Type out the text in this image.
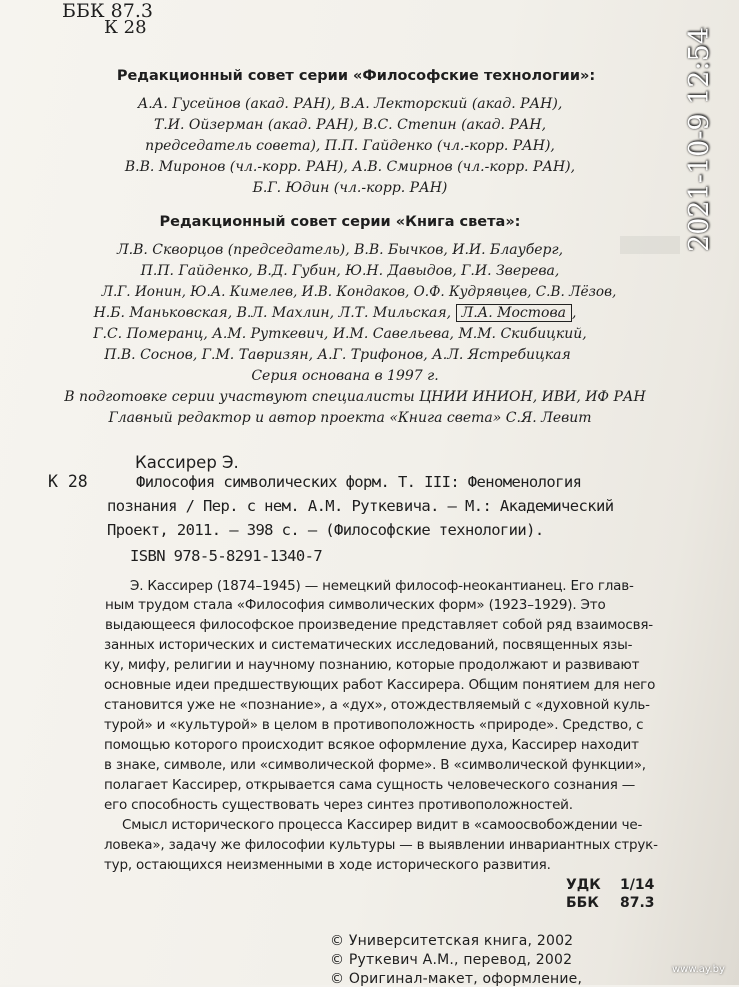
ББК 87.3
К 28
Редакционный совет серии «Философские технологии»:
А.А. Гусейнов (акад. РАН), В.А. Лекторский (акад. РАН),
Т.И. Ойзерман (акад. РАН), В.С. Степин (акад. РАН,
председатель совета), П.П. Гайденко (чл.-корр. РАН),
В.В. Миронов (чл.-корр. РАН), А.В. Смирнов (чл.-корр. РАН),
Б.Г. Юдин (чл.-корр. РАН)
Редакционный совет серии «Книга света»:
Л.В. Скворцов (председатель), В.В. Бычков, И.И. Блауберг,
П.П. Гайденко, В.Д. Губин, Ю.Н. Давыдов, Г.И. Зверева,
Л.Г. Ионин, Ю.А. Кимелев, И.В. Кондаков, О.Ф. Кудрявцев, С.В. Лёзов,
Н.Б. Маньковская, В.Л. Махлин, Л.Т. Мильская, Л.А. Мостова ,
Г.С. Померанц, А.М. Руткевич, И.М. Савельева, М.М. Скибицкий,
П.В. Соснов, Г.М. Тавризян, А.Г. Трифонов, А.Л. Ястребицкая
Серия основана в 1997 г.
В подготовке серии участвуют специалисты ЦНИИ ИНИОН, ИВИ, ИФ РАН
Главный редактор и автор проекта «Книга света» С.Я. Левит
Кассирер Э.
К 28	Философия символических форм. Т. III: Феноменология
познания / Пер. с нем. А.М. Руткевича. — М.: Академический
Проект, 2011. — 398 с. — (Философские технологии).
ISBN 978-5-8291-1340-7
Э. Кассирер (1874–1945) — немецкий философ-неокантианец. Его глав-
ным трудом стала «Философия символических форм» (1923–1929). Это
выдающееся философское произведение представляет собой ряд взаимосвя-
занных исторических и систематических исследований, посвященных язы-
ку, мифу, религии и научному познанию, которые продолжают и развивают
основные идеи предшествующих работ Кассирера. Общим понятием для него
становится уже не «познание», а «дух», отождествляемый с «духовной куль-
турой» и «культурой» в целом в противоположность «природе». Средство, с
помощью которого происходит всякое оформление духа, Кассирер находит
в знаке, символе, или «символической форме». В «символической функции»,
полагает Кассирер, открывается сама сущность человеческого сознания —
его способность существовать через синтез противоположностей.
Смысл исторического процесса Кассирер видит в «самоосвобождении че-
ловека», задачу же философии культуры — в выявлении инвариантных струк-
тур, остающихся неизменными в ходе исторического развития.
УДК 1/14
ББК 87.3
© Университетская книга, 2002
© Руткевич А.М., перевод, 2002
© Оригинал-макет, оформление,
2021-10-9 12:54
www.ay.by
